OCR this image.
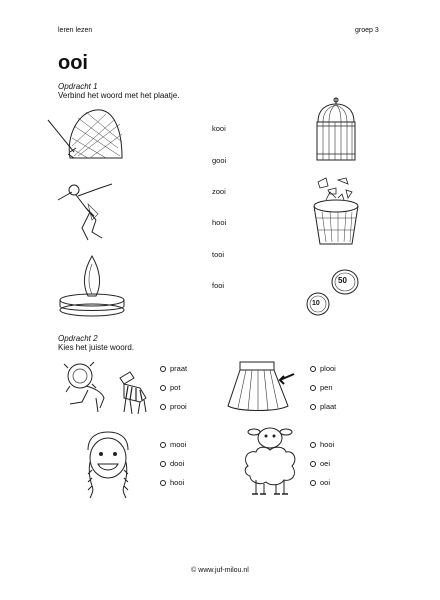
leren lezen	groep 3
ooi
Opdracht 1
Verbind het woord met het plaatje.
kooi
gooi
zooi
hooi
tooi
fooi
50
10
Opdracht 2
Kies het juiste woord.
praat
pot
prooi
plooi
pen
plaat
mooi
dooi
hooi
hooi
oei
ooi
© www.juf-milou.nl
